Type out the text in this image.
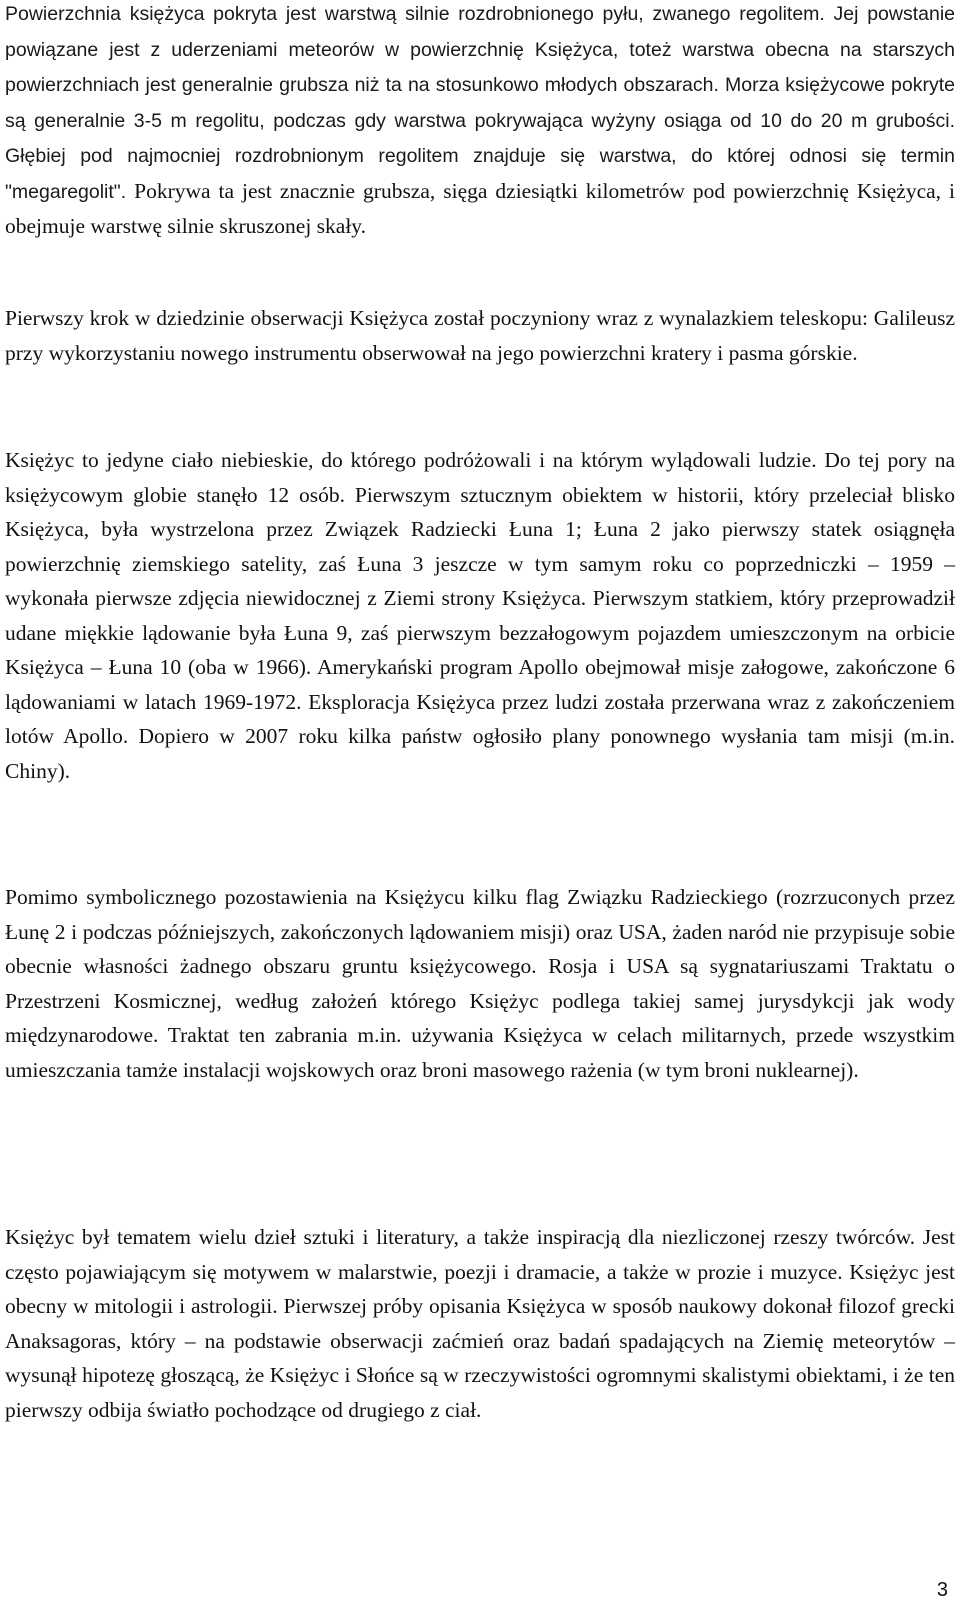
Powierzchnia księżyca pokryta jest warstwą silnie rozdrobnionego pyłu, zwanego regolitem. Jej powstanie powiązane jest z uderzeniami meteorów w powierzchnię Księżyca, toteż warstwa obecna na starszych powierzchniach jest generalnie grubsza niż ta na stosunkowo młodych obszarach. Morza księżycowe pokryte są generalnie 3-5 m regolitu, podczas gdy warstwa pokrywająca wyżyny osiąga od 10 do 20 m grubości. Głębiej pod najmocniej rozdrobnionym regolitem znajduje się warstwa, do której odnosi się termin "megaregolit". Pokrywa ta jest znacznie grubsza, sięga dziesiątki kilometrów pod powierzchnię Księżyca, i obejmuje warstwę silnie skruszonej skały.

Pierwszy krok w dziedzinie obserwacji Księżyca został poczyniony wraz z wynalazkiem teleskopu: Galileusz przy wykorzystaniu nowego instrumentu obserwował na jego powierzchni kratery i pasma górskie.

Księżyc to jedyne ciało niebieskie, do którego podróżowali i na którym wylądowali ludzie. Do tej pory na księżycowym globie stanęło 12 osób. Pierwszym sztucznym obiektem w historii, który przeleciał blisko Księżyca, była wystrzelona przez Związek Radziecki Łuna 1; Łuna 2 jako pierwszy statek osiągnęła powierzchnię ziemskiego satelity, zaś Łuna 3 jeszcze w tym samym roku co poprzedniczki – 1959 – wykonała pierwsze zdjęcia niewidocznej z Ziemi strony Księżyca. Pierwszym statkiem, który przeprowadził udane miękkie lądowanie była Łuna 9, zaś pierwszym bezzałogowym pojazdem umieszczonym na orbicie Księżyca – Łuna 10 (oba w 1966). Amerykański program Apollo obejmował misje załogowe, zakończone 6 lądowaniami w latach 1969-1972. Eksploracja Księżyca przez ludzi została przerwana wraz z zakończeniem lotów Apollo. Dopiero w 2007 roku kilka państw ogłosiło plany ponownego wysłania tam misji (m.in. Chiny).

Pomimo symbolicznego pozostawienia na Księżycu kilku flag Związku Radzieckiego (rozrzuconych przez Łunę 2 i podczas późniejszych, zakończonych lądowaniem misji) oraz USA, żaden naród nie przypisuje sobie obecnie własności żadnego obszaru gruntu księżycowego. Rosja i USA są sygnatariuszami Traktatu o Przestrzeni Kosmicznej, według założeń którego Księżyc podlega takiej samej jurysdykcji jak wody międzynarodowe. Traktat ten zabrania m.in. używania Księżyca w celach militarnych, przede wszystkim umieszczania tamże instalacji wojskowych oraz broni masowego rażenia (w tym broni nuklearnej).

Księżyc był tematem wielu dzieł sztuki i literatury, a także inspiracją dla niezliczonej rzeszy twórców. Jest często pojawiającym się motywem w malarstwie, poezji i dramacie, a także w prozie i muzyce. Księżyc jest obecny w mitologii i astrologii. Pierwszej próby opisania Księżyca w sposób naukowy dokonał filozof grecki Anaksagoras, który – na podstawie obserwacji zaćmień oraz badań spadających na Ziemię meteorytów – wysunął hipotezę głoszącą, że Księżyc i Słońce są w rzeczywistości ogromnymi skalistymi obiektami, i że ten pierwszy odbija światło pochodzące od drugiego z ciał.

3
